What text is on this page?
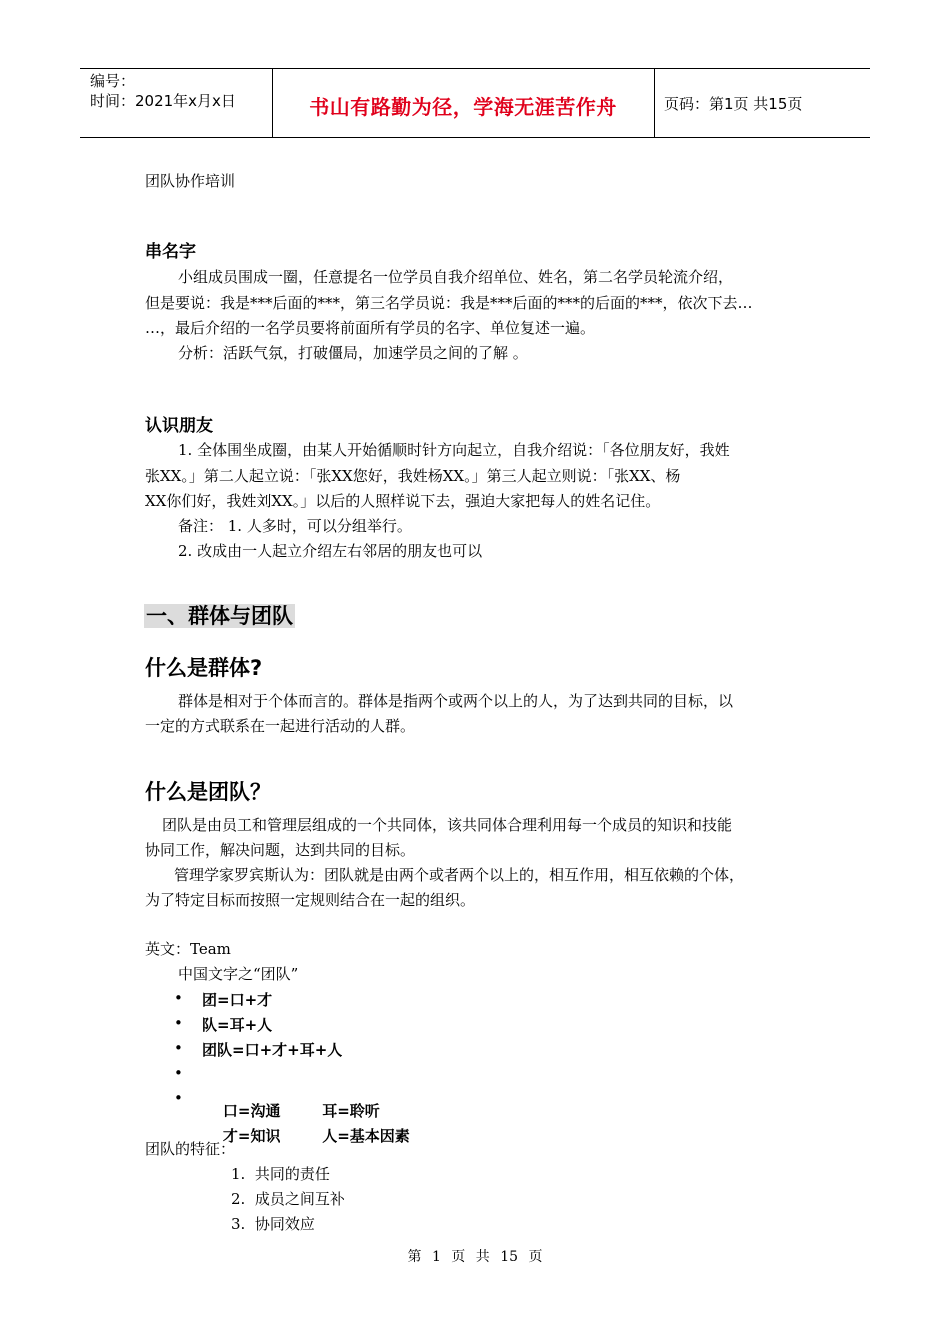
编号：
时间：2021年x月x日	书山有路勤为径，学海无涯苦作舟	页码：第1页 共15页
团队协作培训
串名字
小组成员围成一圈，任意提名一位学员自我介绍单位、姓名，第二名学员轮流介绍，
但是要说：我是***后面的***，第三名学员说：我是***后面的***的后面的***，依次下去…
…，最后介绍的一名学员要将前面所有学员的名字、单位复述一遍。
分析：活跃气氛，打破僵局，加速学员之间的了解 。
认识朋友
1. 全体围坐成圈，由某人开始循顺时针方向起立，自我介绍说：「各位朋友好，我姓
张XX。」第二人起立说：「张XX您好，我姓杨XX。」第三人起立则说：「张XX、杨
XX你们好，我姓刘XX。」以后的人照样说下去，强迫大家把每人的姓名记住。
备注： 1. 人多时，可以分组举行。
2. 改成由一人起立介绍左右邻居的朋友也可以
一、群体与团队
什么是群体?
群体是相对于个体而言的。群体是指两个或两个以上的人，为了达到共同的目标，以
一定的方式联系在一起进行活动的人群。
什么是团队？
团队是由员工和管理层组成的一个共同体，该共同体合理利用每一个成员的知识和技能
协同工作，解决问题，达到共同的目标。
管理学家罗宾斯认为：团队就是由两个或者两个以上的，相互作用，相互依赖的个体，
为了特定目标而按照一定规则结合在一起的组织。
英文：Team
中国文字之“团队”
• 团=口+才
• 队=耳+人
• 团队=口+才+耳+人

•

口=沟通        耳=聆听

•

才=知识        人=基本因素

团队的特征：
1.  共同的责任
2.  成员之间互补
3.  协同效应
第 1 页 共 15 页
